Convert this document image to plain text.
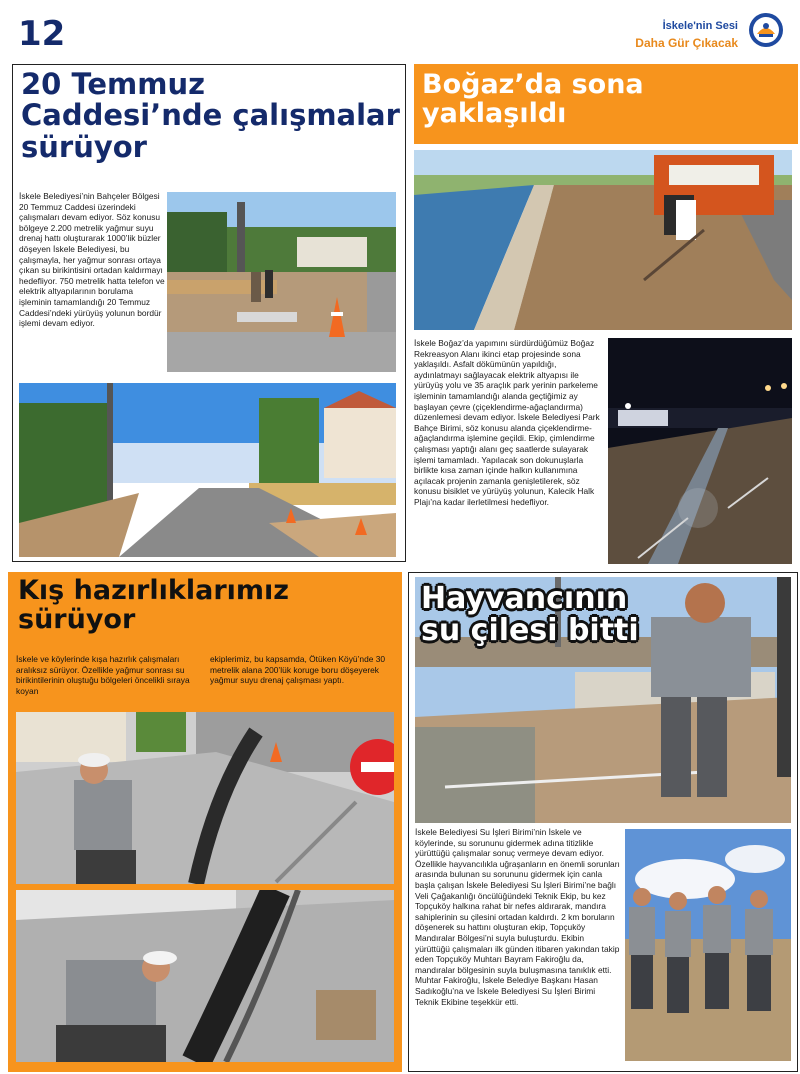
12	İskele'nin Sesi
Daha Gür Çıkacak
20 Temmuz Caddesi’nde çalışmalar sürüyor
İskele Belediyesi’nin Bahçeler Bölgesi 20 Temmuz Caddesi üzerindeki çalışmaları devam ediyor. Söz konusu bölgeye 2.200 metrelik yağmur suyu drenaj hattı oluşturarak 1000’lik büzler döşeyen İskele Belediyesi, bu çalışmayla, her yağmur sonrası ortaya çıkan su birikintisini ortadan kaldırmayı hedefliyor. 750 metrelik hatta telefon ve elektrik altyapılarının borulama işleminin tamamlandığı 20 Temmuz Caddesi’ndeki yürüyüş yolunun bordür işlemi devam ediyor.
Boğaz’da sona yaklaşıldı
İskele Boğaz’da yapımını sürdürdüğümüz Boğaz Rekreasyon Alanı ikinci etap projesinde sona yaklaşıldı. Asfalt dökümünün yapıldığı, aydınlatmayı sağlayacak elektrik altyapısı ile yürüyüş yolu ve 35 araçlık park yerinin parkeleme işleminin tamamlandığı alanda geçtiğimiz ay başlayan çevre (çiçeklendirme-ağaçlandırma) düzenlemesi devam ediyor. İskele Belediyesi Park Bahçe Birimi, söz konusu alanda çiçeklendirme-ağaçlandırma işlemine geçildi. Ekip, çimlendirme çalışması yaptığı alanı geç saatlerde sulayarak işlemi tamamladı. Yapılacak son dokunuşlarla birlikte kısa zaman içinde halkın kullanımına açılacak projenin zamanla genişletilerek, söz konusu bisiklet ve yürüyüş yolunun, Kalecik Halk Plajı’na kadar ilerletilmesi hedefliyor.
Kış hazırlıklarımız sürüyor
İskele ve köylerinde kışa hazırlık çalışmaları aralıksız sürüyor. Özellikle yağmur sonrası su birikintilerinin oluştuğu bölgeleri öncelikli sıraya koyan
ekiplerimiz, bu kapsamda, Ötüken Köyü’nde 30 metrelik alana 200’lük koruge boru döşeyerek yağmur suyu drenaj çalışması yaptı.
Hayvancının su çilesi bitti
İskele Belediyesi Su İşleri Birimi’nin İskele ve köylerinde, su sorununu gidermek adına titizlikle yürüttüğü çalışmalar sonuç vermeye devam ediyor. Özellikle hayvancılıkla uğraşanların en önemli sorunları arasında bulunan su sorununu gidermek için canla başla çalışan İskele Belediyesi Su İşleri Birimi’ne bağlı Veli Çağakanlığı öncülüğündeki Teknik Ekip, bu kez Topçuköy halkına rahat bir nefes aldırarak, mandıra sahiplerinin su çilesini ortadan kaldırdı. 2 km boruların döşenerek su hattını oluşturan ekip, Topçuköy Mandıralar Bölgesi’ni suyla buluşturdu. Ekibin yürüttüğü çalışmaları ilk günden itibaren yakından takip eden Topçuköy Muhtarı Bayram Fakiroğlu da, mandıralar bölgesinin suyla buluşmasına tanıklık etti. Muhtar Fakiroğlu, İskele Belediye Başkanı Hasan Sadıkoğlu’na ve İskele Belediyesi Su İşleri Birimi Teknik Ekibine teşekkür etti.
